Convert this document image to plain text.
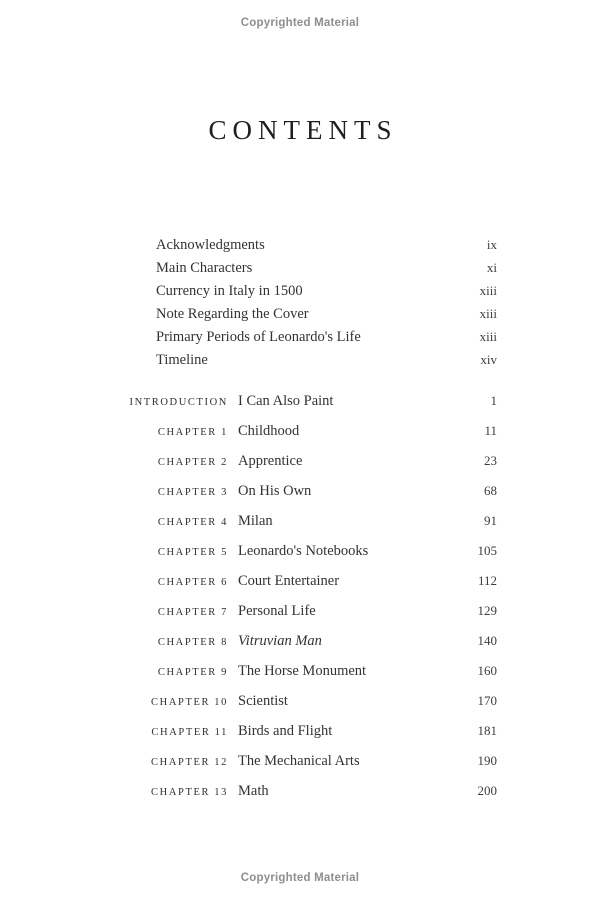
Copyrighted Material
CONTENTS
Acknowledgments	ix
Main Characters	xi
Currency in Italy in 1500	xiii
Note Regarding the Cover	xiii
Primary Periods of Leonardo's Life	xiii
Timeline	xiv
INTRODUCTION I Can Also Paint	1
CHAPTER 1 Childhood	11
CHAPTER 2 Apprentice	23
CHAPTER 3 On His Own	68
CHAPTER 4 Milan	91
CHAPTER 5 Leonardo's Notebooks	105
CHAPTER 6 Court Entertainer	112
CHAPTER 7 Personal Life	129
CHAPTER 8 Vitruvian Man	140
CHAPTER 9 The Horse Monument	160
CHAPTER 10 Scientist	170
CHAPTER 11 Birds and Flight	181
CHAPTER 12 The Mechanical Arts	190
CHAPTER 13 Math	200
Copyrighted Material
